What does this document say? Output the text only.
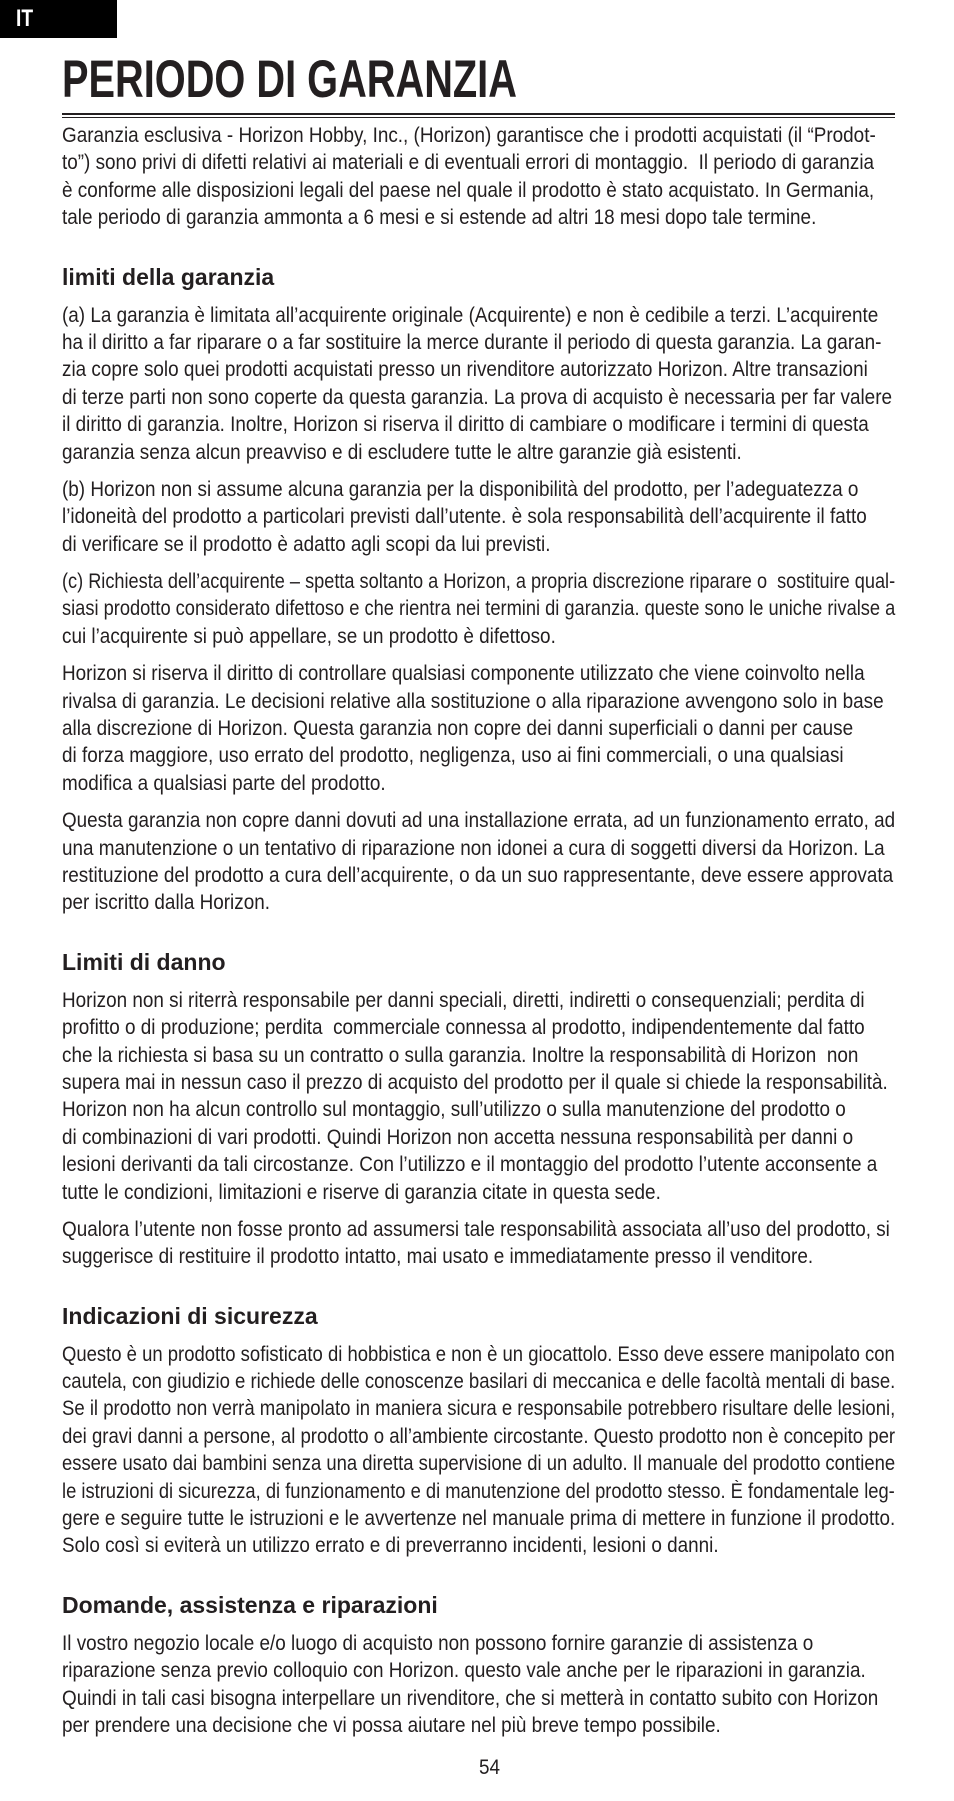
IT
PERIODO DI GARANZIA
Garanzia esclusiva - Horizon Hobby, Inc., (Horizon) garantisce che i prodotti acquistati (il “Prodot-
to”) sono privi di difetti relativi ai materiali e di eventuali errori di montaggio.  Il periodo di garanzia
è conforme alle disposizioni legali del paese nel quale il prodotto è stato acquistato. In Germania,
tale periodo di garanzia ammonta a 6 mesi e si estende ad altri 18 mesi dopo tale termine.
limiti della garanzia
(a) La garanzia è limitata all’acquirente originale (Acquirente) e non è cedibile a terzi. L’acquirente
ha il diritto a far riparare o a far sostituire la merce durante il periodo di questa garanzia. La garan-
zia copre solo quei prodotti acquistati presso un rivenditore autorizzato Horizon. Altre transazioni
di terze parti non sono coperte da questa garanzia. La prova di acquisto è necessaria per far valere
il diritto di garanzia. Inoltre, Horizon si riserva il diritto di cambiare o modificare i termini di questa
garanzia senza alcun preavviso e di escludere tutte le altre garanzie già esistenti.
(b) Horizon non si assume alcuna garanzia per la disponibilità del prodotto, per l’adeguatezza o
l’idoneità del prodotto a particolari previsti dall’utente. è sola responsabilità dell’acquirente il fatto
di verificare se il prodotto è adatto agli scopi da lui previsti.
(c) Richiesta dell’acquirente – spetta soltanto a Horizon, a propria discrezione riparare o  sostituire qual-
siasi prodotto considerato difettoso e che rientra nei termini di garanzia. queste sono le uniche rivalse a
cui l’acquirente si può appellare, se un prodotto è difettoso.
Horizon si riserva il diritto di controllare qualsiasi componente utilizzato che viene coinvolto nella
rivalsa di garanzia. Le decisioni relative alla sostituzione o alla riparazione avvengono solo in base
alla discrezione di Horizon. Questa garanzia non copre dei danni superficiali o danni per cause
di forza maggiore, uso errato del prodotto, negligenza, uso ai fini commerciali, o una qualsiasi
modifica a qualsiasi parte del prodotto.
Questa garanzia non copre danni dovuti ad una installazione errata, ad un funzionamento errato, ad
una manutenzione o un tentativo di riparazione non idonei a cura di soggetti diversi da Horizon. La
restituzione del prodotto a cura dell’acquirente, o da un suo rappresentante, deve essere approvata
per iscritto dalla Horizon.
Limiti di danno
Horizon non si riterrà responsabile per danni speciali, diretti, indiretti o consequenziali; perdita di
profitto o di produzione; perdita  commerciale connessa al prodotto, indipendentemente dal fatto
che la richiesta si basa su un contratto o sulla garanzia. Inoltre la responsabilità di Horizon  non
supera mai in nessun caso il prezzo di acquisto del prodotto per il quale si chiede la responsabilità.
Horizon non ha alcun controllo sul montaggio, sull’utilizzo o sulla manutenzione del prodotto o
di combinazioni di vari prodotti. Quindi Horizon non accetta nessuna responsabilità per danni o
lesioni derivanti da tali circostanze. Con l’utilizzo e il montaggio del prodotto l’utente acconsente a
tutte le condizioni, limitazioni e riserve di garanzia citate in questa sede.
Qualora l’utente non fosse pronto ad assumersi tale responsabilità associata all’uso del prodotto, si
suggerisce di restituire il prodotto intatto, mai usato e immediatamente presso il venditore.
Indicazioni di sicurezza
Questo è un prodotto sofisticato di hobbistica e non è un giocattolo. Esso deve essere manipolato con
cautela, con giudizio e richiede delle conoscenze basilari di meccanica e delle facoltà mentali di base.
Se il prodotto non verrà manipolato in maniera sicura e responsabile potrebbero risultare delle lesioni,
dei gravi danni a persone, al prodotto o all’ambiente circostante. Questo prodotto non è concepito per
essere usato dai bambini senza una diretta supervisione di un adulto. Il manuale del prodotto contiene
le istruzioni di sicurezza, di funzionamento e di manutenzione del prodotto stesso. È fondamentale leg-
gere e seguire tutte le istruzioni e le avvertenze nel manuale prima di mettere in funzione il prodotto.
Solo così si eviterà un utilizzo errato e di preverranno incidenti, lesioni o danni.
Domande, assistenza e riparazioni
Il vostro negozio locale e/o luogo di acquisto non possono fornire garanzie di assistenza o
riparazione senza previo colloquio con Horizon. questo vale anche per le riparazioni in garanzia.
Quindi in tali casi bisogna interpellare un rivenditore, che si metterà in contatto subito con Horizon
per prendere una decisione che vi possa aiutare nel più breve tempo possibile.
54
